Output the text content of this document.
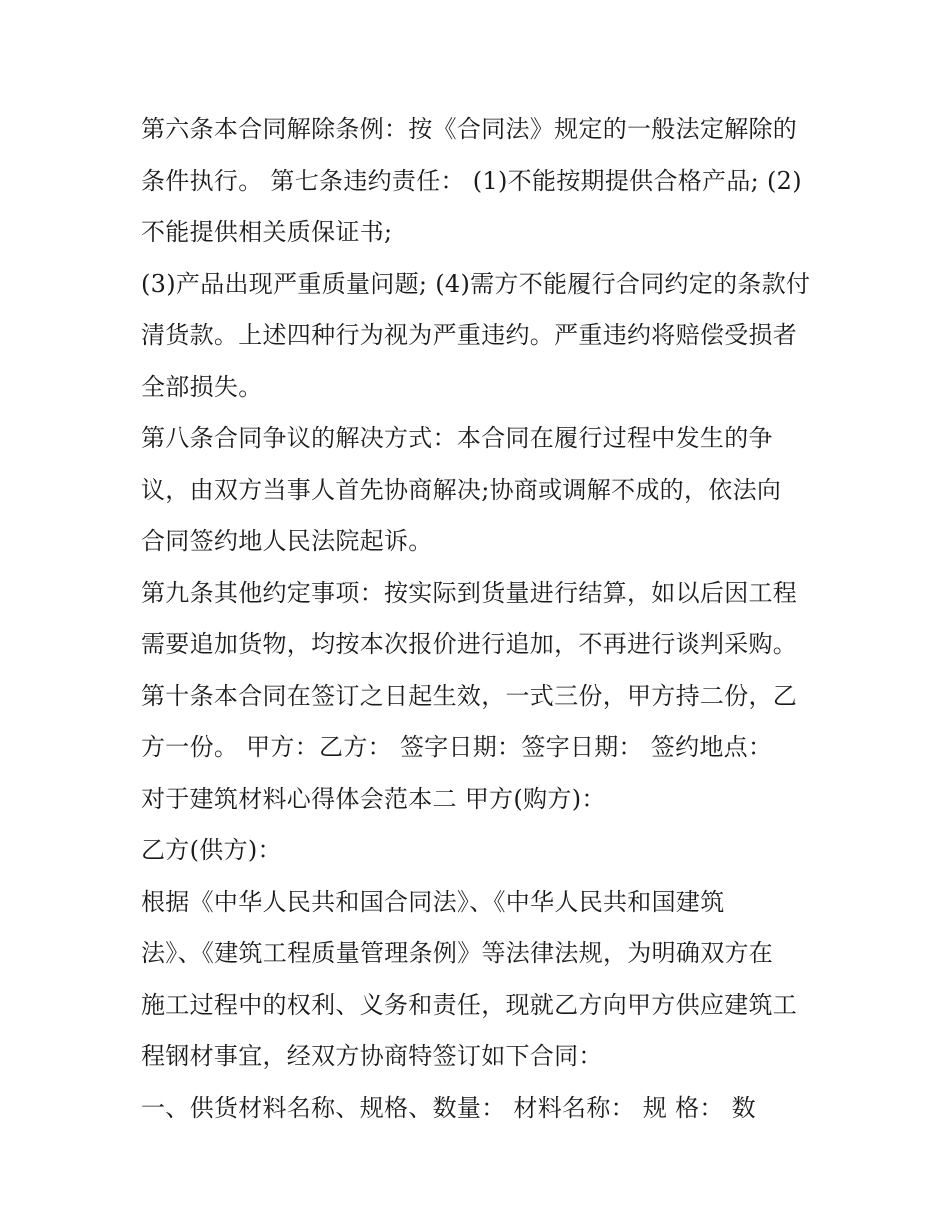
第六条本合同解除条例：按《合同法》规定的一般法定解除的
条件执行。 第七条违约责任： (1)不能按期提供合格产品; (2)
不能提供相关质保证书;
(3)产品出现严重质量问题; (4)需方不能履行合同约定的条款付
清货款。上述四种行为视为严重违约。严重违约将赔偿受损者
全部损失。
第八条合同争议的解决方式：本合同在履行过程中发生的争
议，由双方当事人首先协商解决;协商或调解不成的，依法向
合同签约地人民法院起诉。
第九条其他约定事项：按实际到货量进行结算，如以后因工程
需要追加货物，均按本次报价进行追加，不再进行谈判采购。
第十条本合同在签订之日起生效，一式三份，甲方持二份，乙
方一份。 甲方：乙方： 签字日期：签字日期： 签约地点：
对于建筑材料心得体会范本二 甲方(购方)：
乙方(供方)：
根据《中华人民共和国合同法》、《中华人民共和国建筑
法》、《建筑工程质量管理条例》等法律法规，为明确双方在
施工过程中的权利、义务和责任，现就乙方向甲方供应建筑工
程钢材事宜，经双方协商特签订如下合同：
一、供货材料名称、规格、数量： 材料名称： 规 格： 数
